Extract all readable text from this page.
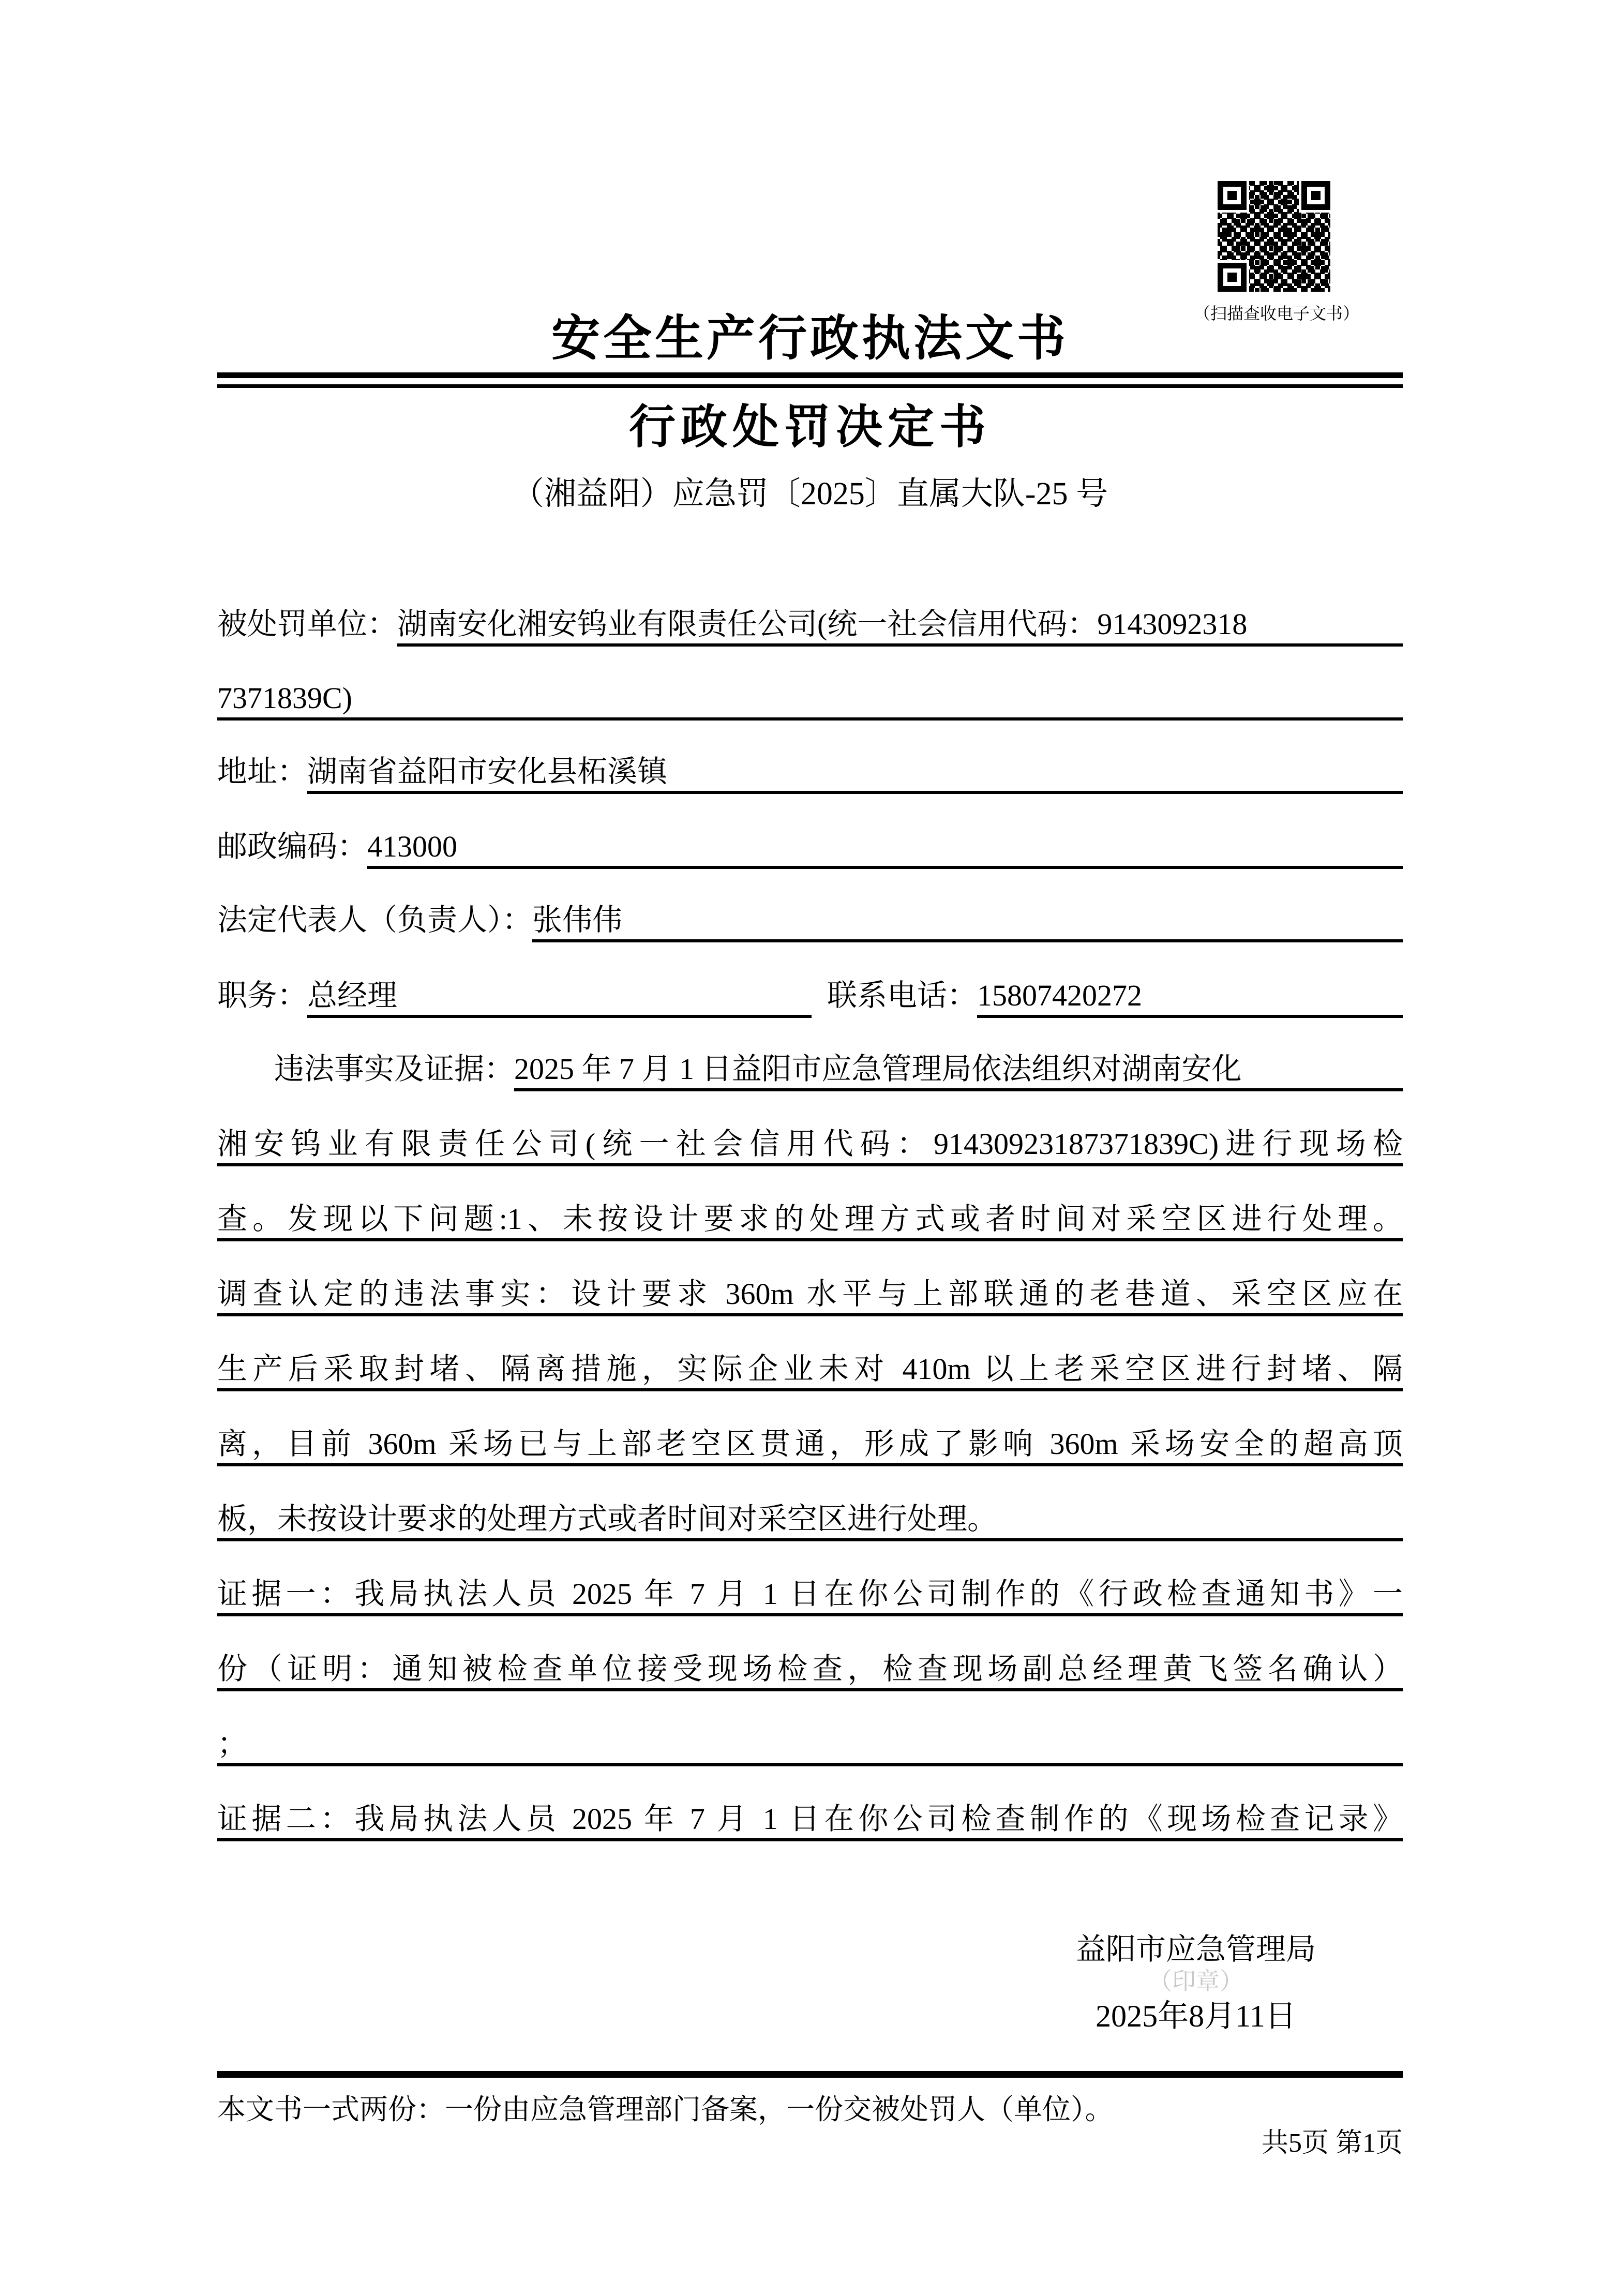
（扫描查收电子文书）
安全生产行政执法文书
行政处罚决定书
（湘益阳）应急罚〔2025〕直属大队-25 号
被处罚单位： 湖南安化湘安钨业有限责任公司(统一社会信用代码：9143092318
7371839C)
地址： 湖南省益阳市安化县柘溪镇
邮政编码： 413000
法定代表人（负责人）： 张伟伟
职务： 总经理	联系电话： 15807420272
违法事实及证据： 2025 年 7 月 1 日益阳市应急管理局依法组织对湖南安化
湘安钨业有限责任公司(统一社会信用代码：91430923187371839C)进行现场检
查。发现以下问题:1、未按设计要求的处理方式或者时间对采空区进行处理。
调查认定的违法事实：设计要求 360m 水平与上部联通的老巷道、采空区应在
生产后采取封堵、隔离措施，实际企业未对 410m 以上老采空区进行封堵、隔
离，目前 360m 采场已与上部老空区贯通，形成了影响 360m 采场安全的超高顶
板，未按设计要求的处理方式或者时间对采空区进行处理。
证据一：我局执法人员 2025 年 7 月 1 日在你公司制作的《行政检查通知书》一
份（证明：通知被检查单位接受现场检查，检查现场副总经理黄飞签名确认）
；
证据二：我局执法人员 2025 年 7 月 1 日在你公司检查制作的《现场检查记录》
益阳市应急管理局
（印章）
2025年8月11日
本文书一式两份：一份由应急管理部门备案，一份交被处罚人（单位）。
共5页 第1页
